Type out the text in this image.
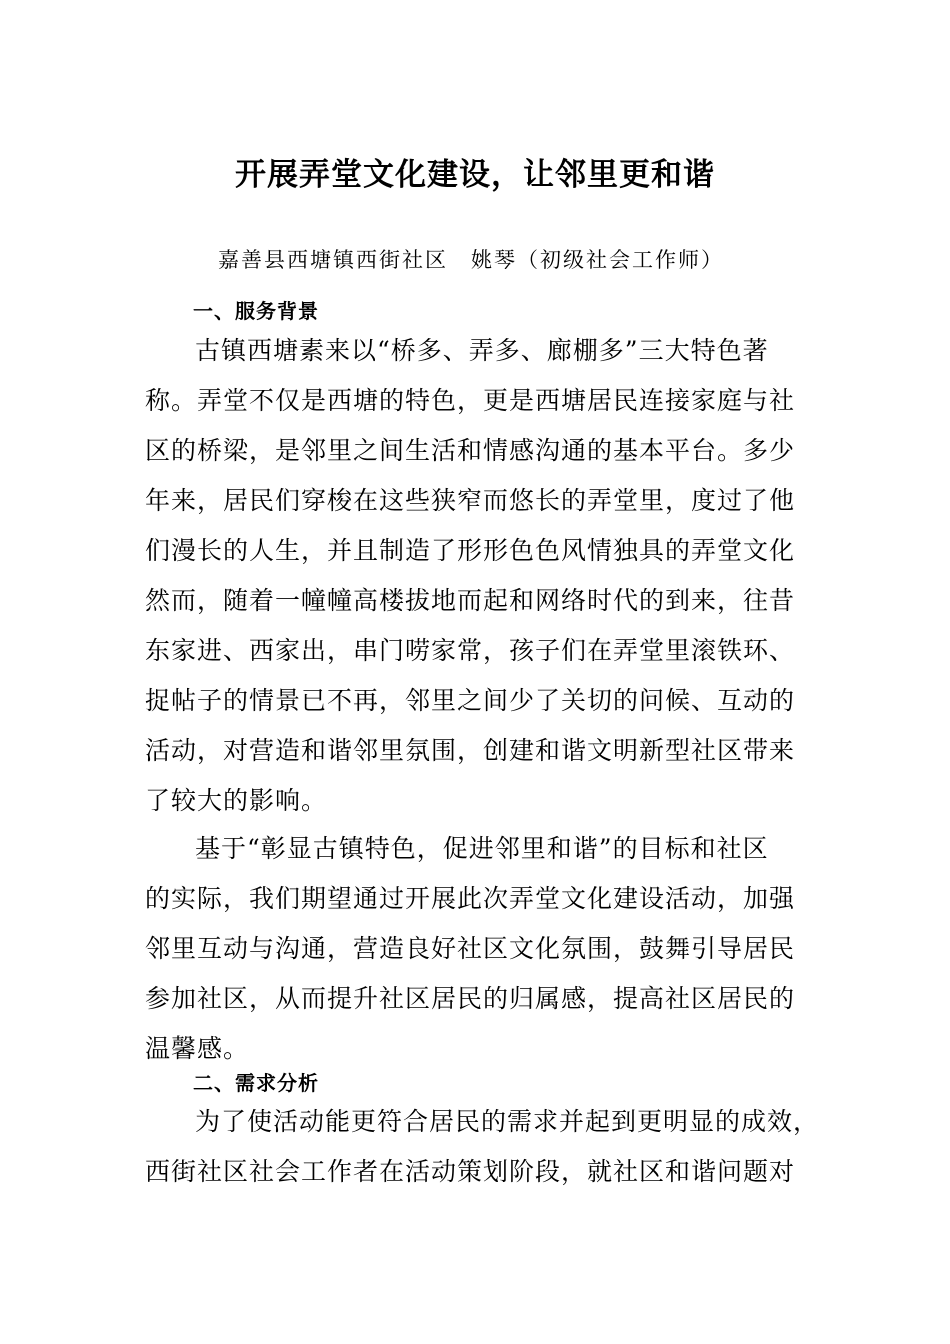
开展弄堂文化建设，让邻里更和谐
嘉善县西塘镇西街社区　姚琴（初级社会工作师）
一、服务背景

古镇西塘素来以“桥多、弄多、廊棚多”三大特色著
称。弄堂不仅是西塘的特色，更是西塘居民连接家庭与社
区的桥梁，是邻里之间生活和情感沟通的基本平台。多少
年来，居民们穿梭在这些狭窄而悠长的弄堂里，度过了他
们漫长的人生，并且制造了形形色色风情独具的弄堂文化
然而，随着一幢幢高楼拔地而起和网络时代的到来，往昔
东家进、西家出，串门唠家常，孩子们在弄堂里滚铁环、
捉帖子的情景已不再，邻里之间少了关切的问候、互动的
活动，对营造和谐邻里氛围，创建和谐文明新型社区带来
了较大的影响。

基于“彰显古镇特色，促进邻里和谐”的目标和社区
的实际，我们期望通过开展此次弄堂文化建设活动，加强
邻里互动与沟通，营造良好社区文化氛围，鼓舞引导居民
参加社区，从而提升社区居民的归属感，提高社区居民的
温馨感。

二、需求分析

为了使活动能更符合居民的需求并起到更明显的成效，
西街社区社会工作者在活动策划阶段，就社区和谐问题对
